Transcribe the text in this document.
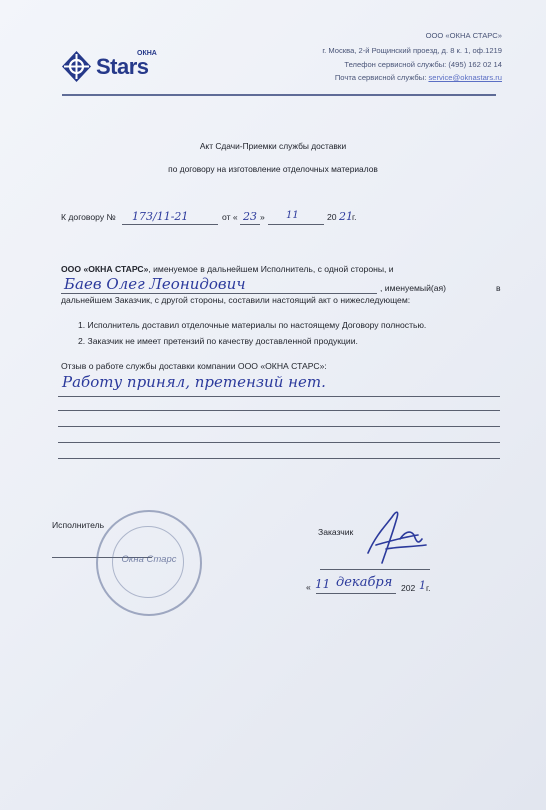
ОКНА
Stars
ООО «ОКНА СТАРС»
г. Москва, 2-й Рощинский проезд, д. 8 к. 1, оф.1219
Телефон сервисной службы: (495) 162 02 14
Почта сервисной службы: service@oknastars.ru
Акт Сдачи-Приемки службы доставки
по договору на изготовление отделочных материалов
К договору № 173/11-21	от « 23 » 11	20 21 г.
ООО «ОКНА СТАРС», именуемое в дальнейшем Исполнитель, с одной стороны, и
Баев Олег Леонидович	, именуемый(ая)	в
дальнейшем Заказчик, с другой стороны, составили настоящий акт о нижеследующем:
1. Исполнитель доставил отделочные материалы по настоящему Договору полностью.
2. Заказчик не имеет претензий по качеству доставленной продукции.
Отзыв о работе службы доставки компании ООО «ОКНА СТАРС»:
Работу принял, претензий нет.
Исполнитель
Окна Старс
Заказчик
« 11 декабря 202 1 г.
